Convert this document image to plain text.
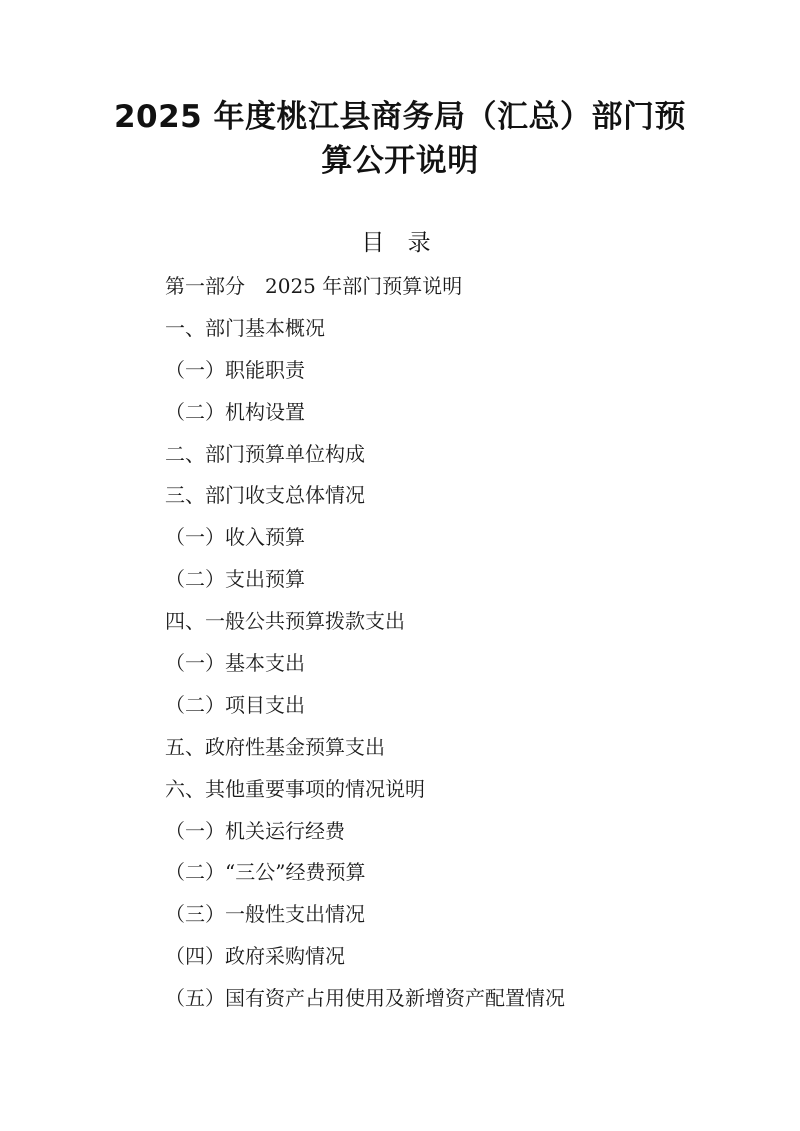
2025 年度桃江县商务局（汇总）部门预
算公开说明
目 录
第一部分　2025 年部门预算说明
一、部门基本概况
（一）职能职责
（二）机构设置
二、部门预算单位构成
三、部门收支总体情况
（一）收入预算
（二）支出预算
四、一般公共预算拨款支出
（一）基本支出
（二）项目支出
五、政府性基金预算支出
六、其他重要事项的情况说明
（一）机关运行经费
（二）“三公”经费预算
（三）一般性支出情况
（四）政府采购情况
（五）国有资产占用使用及新增资产配置情况
